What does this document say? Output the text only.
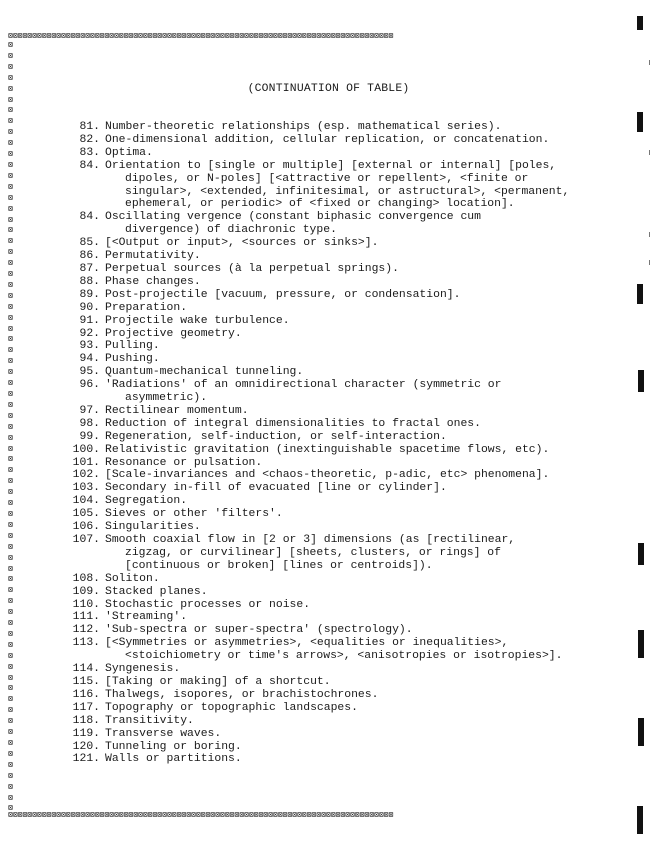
⊠⊠⊠⊠⊠⊠⊠⊠⊠⊠⊠⊠⊠⊠⊠⊠⊠⊠⊠⊠⊠⊠⊠⊠⊠⊠⊠⊠⊠⊠⊠⊠⊠⊠⊠⊠⊠⊠⊠⊠⊠⊠⊠⊠⊠⊠⊠⊠⊠⊠⊠⊠⊠⊠⊠⊠⊠⊠⊠⊠⊠⊠⊠⊠⊠⊠⊠⊠⊠⊠⊠⊠⊠⊠⊠⊠⊠⊠⊠⊠
⊠
⊠
⊠
⊠
⊠
⊠
⊠
⊠
⊠
⊠
⊠
⊠
⊠
⊠
⊠
⊠
⊠
⊠
⊠
⊠
⊠
⊠
⊠
⊠
⊠
⊠
⊠
⊠
⊠
⊠
⊠
⊠
⊠
⊠
⊠
⊠
⊠
⊠
⊠
⊠
⊠
⊠
⊠
⊠
⊠
⊠
⊠
⊠
⊠
⊠
⊠
⊠
⊠
⊠
⊠
⊠
⊠
⊠
⊠
⊠
⊠
⊠
⊠
⊠
⊠
⊠
⊠
⊠
⊠
⊠
⊠
⊠⊠⊠⊠⊠⊠⊠⊠⊠⊠⊠⊠⊠⊠⊠⊠⊠⊠⊠⊠⊠⊠⊠⊠⊠⊠⊠⊠⊠⊠⊠⊠⊠⊠⊠⊠⊠⊠⊠⊠⊠⊠⊠⊠⊠⊠⊠⊠⊠⊠⊠⊠⊠⊠⊠⊠⊠⊠⊠⊠⊠⊠⊠⊠⊠⊠⊠⊠⊠⊠⊠⊠⊠⊠⊠⊠⊠⊠⊠⊠
(CONTINUATION OF TABLE)
81. Number-theoretic relationships (esp. mathematical series).
82. One-dimensional addition, cellular replication, or concatenation.
83. Optima.
84. Orientation to [single or multiple] [external or internal] [poles,
dipoles, or N-poles] [<attractive or repellent>, <finite or
singular>, <extended, infinitesimal, or astructural>, <permanent,
ephemeral, or periodic> of <fixed or changing> location].
84. Oscillating vergence (constant biphasic convergence cum
divergence) of diachronic type.
85. [<Output or input>, <sources or sinks>].
86. Permutativity.
87. Perpetual sources (à la perpetual springs).
88. Phase changes.
89. Post-projectile [vacuum, pressure, or condensation].
90. Preparation.
91. Projectile wake turbulence.
92. Projective geometry.
93. Pulling.
94. Pushing.
95. Quantum-mechanical tunneling.
96. 'Radiations' of an omnidirectional character (symmetric or
asymmetric).
97. Rectilinear momentum.
98. Reduction of integral dimensionalities to fractal ones.
99. Regeneration, self-induction, or self-interaction.
100. Relativistic gravitation (inextinguishable spacetime flows, etc).
101. Resonance or pulsation.
102. [Scale-invariances and <chaos-theoretic, p-adic, etc> phenomena].
103. Secondary in-fill of evacuated [line or cylinder].
104. Segregation.
105. Sieves or other 'filters'.
106. Singularities.
107. Smooth coaxial flow in [2 or 3] dimensions (as [rectilinear,
zigzag, or curvilinear] [sheets, clusters, or rings] of
[continuous or broken] [lines or centroids]).
108. Soliton.
109. Stacked planes.
110. Stochastic processes or noise.
111. 'Streaming'.
112. 'Sub-spectra or super-spectra' (spectrology).
113. [<Symmetries or asymmetries>, <equalities or inequalities>,
<stoichiometry or time's arrows>, <anisotropies or isotropies>].
114. Syngenesis.
115. [Taking or making] of a shortcut.
116. Thalwegs, isopores, or brachistochrones.
117. Topography or topographic landscapes.
118. Transitivity.
119. Transverse waves.
120. Tunneling or boring.
121. Walls or partitions.
